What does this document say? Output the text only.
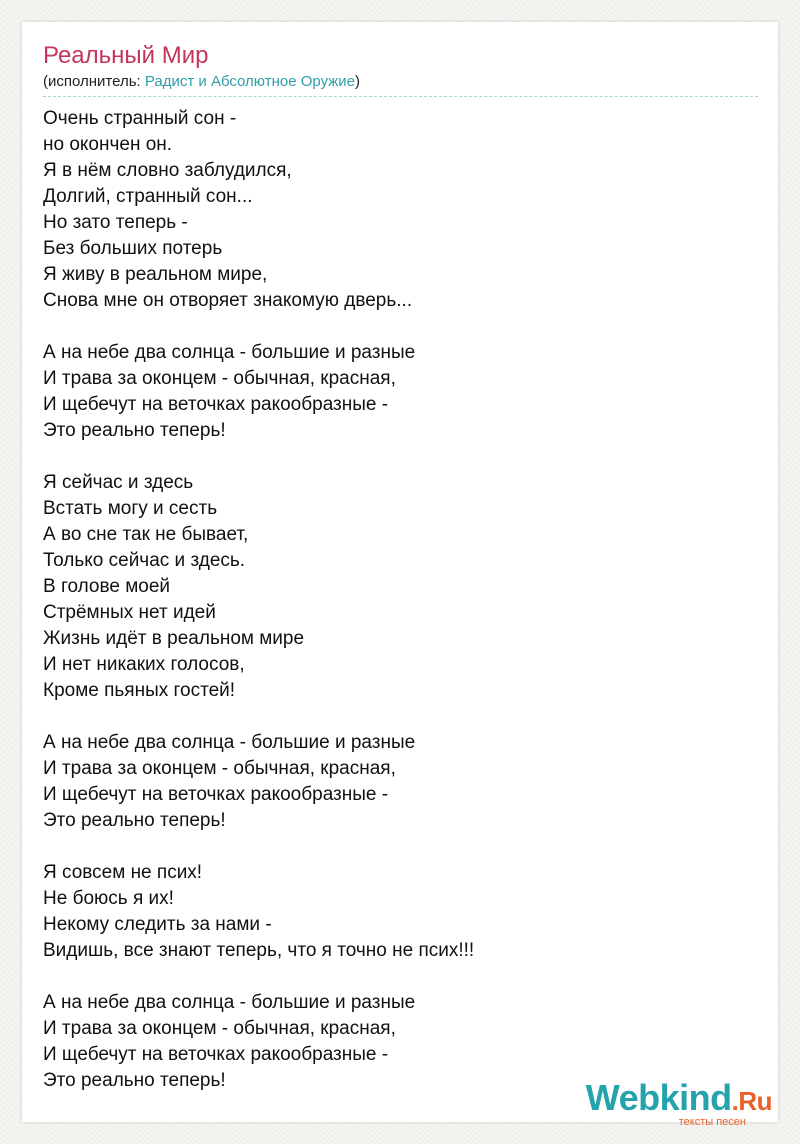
Реальный Мир
(исполнитель: Радист и Абсолютное Оружие)
Очень странный сон -
но окончен он.
Я в нём словно заблудился,
Долгий, странный сон...
Но зато теперь -
Без больших потерь
Я живу в реальном мире,
Снова мне он отворяет знакомую дверь...
А на небе два солнца - большие и разные
И трава за оконцем - обычная, красная,
И щебечут на веточках ракообразные -
Это реально теперь!
Я сейчас и здесь
Встать могу и сесть
А во сне так не бывает,
Только сейчас и здесь.
В голове моей
Стрёмных нет идей
Жизнь идёт в реальном мире
И нет никаких голосов,
Кроме пьяных гостей!
А на небе два солнца - большие и разные
И трава за оконцем - обычная, красная,
И щебечут на веточках ракообразные -
Это реально теперь!
Я совсем не псих!
Не боюсь я их!
Некому следить за нами -
Видишь, все знают теперь, что я точно не псих!!!
А на небе два солнца - большие и разные
И трава за оконцем - обычная, красная,
И щебечут на веточках ракообразные -
Это реально теперь!	Webkind.Ru
тексты песен
